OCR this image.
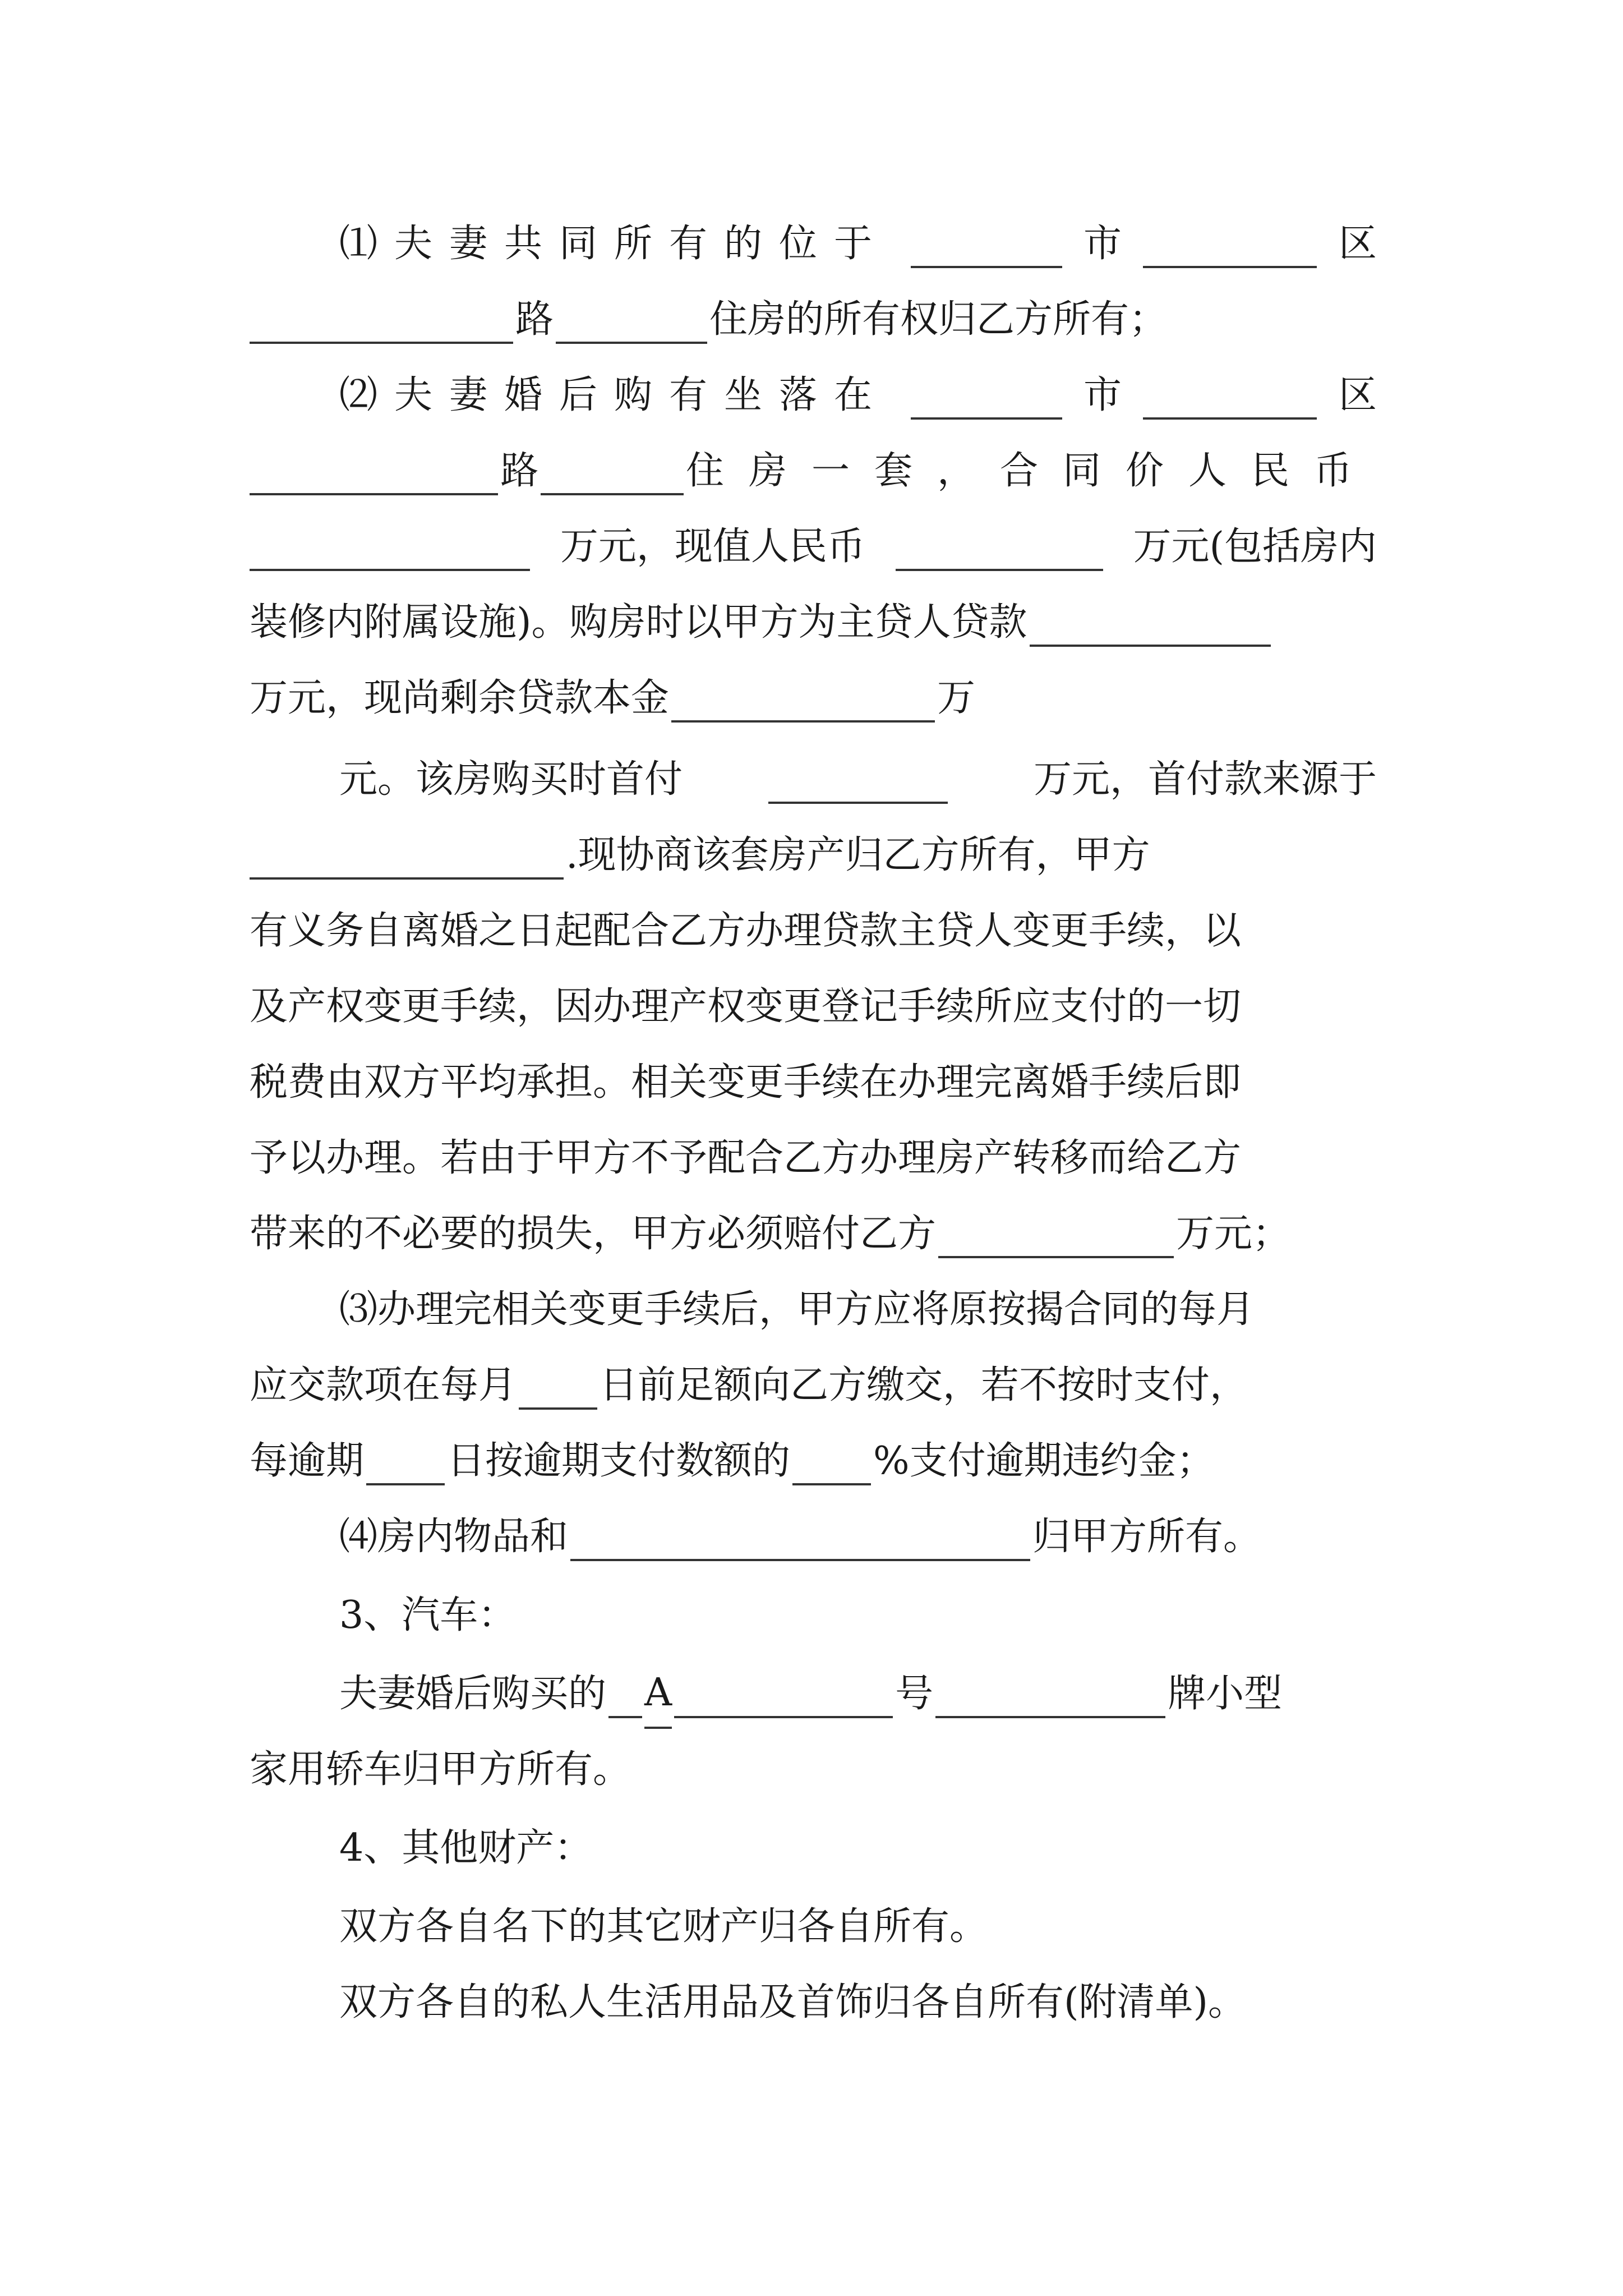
⑴夫妻共同所有的位于	市	区
路	住房的所有权归乙方所有；
⑵夫妻婚后购有坐落在	市	区
路	住房一套， 合同价人民币
万元，现值人民币	万元(包括房内
装修内附属设施)。购房时以甲方为主贷人贷款
万元，现尚剩余贷款本金	万
元。该房购买时首付	万元，首付款来源于
.现协商该套房产归乙方所有，甲方
有义务自离婚之日起配合乙方办理贷款主贷人变更手续，以
及产权变更手续，因办理产权变更登记手续所应支付的一切
税费由双方平均承担。相关变更手续在办理完离婚手续后即
予以办理。若由于甲方不予配合乙方办理房产转移而给乙方
带来的不必要的损失，甲方必须赔付乙方	万元；
⑶办理完相关变更手续后，甲方应将原按揭合同的每月
应交款项在每月 日前足额向乙方缴交，若不按时支付，
每逾期 日按逾期支付数额的 %支付逾期违约金；
⑷房内物品和	归甲方所有。
3、汽车：
夫妻婚后购买的 A	号	牌小型
家用轿车归甲方所有。
4、其他财产：
双方各自名下的其它财产归各自所有。
双方各自的私人生活用品及首饰归各自所有(附清单)。
